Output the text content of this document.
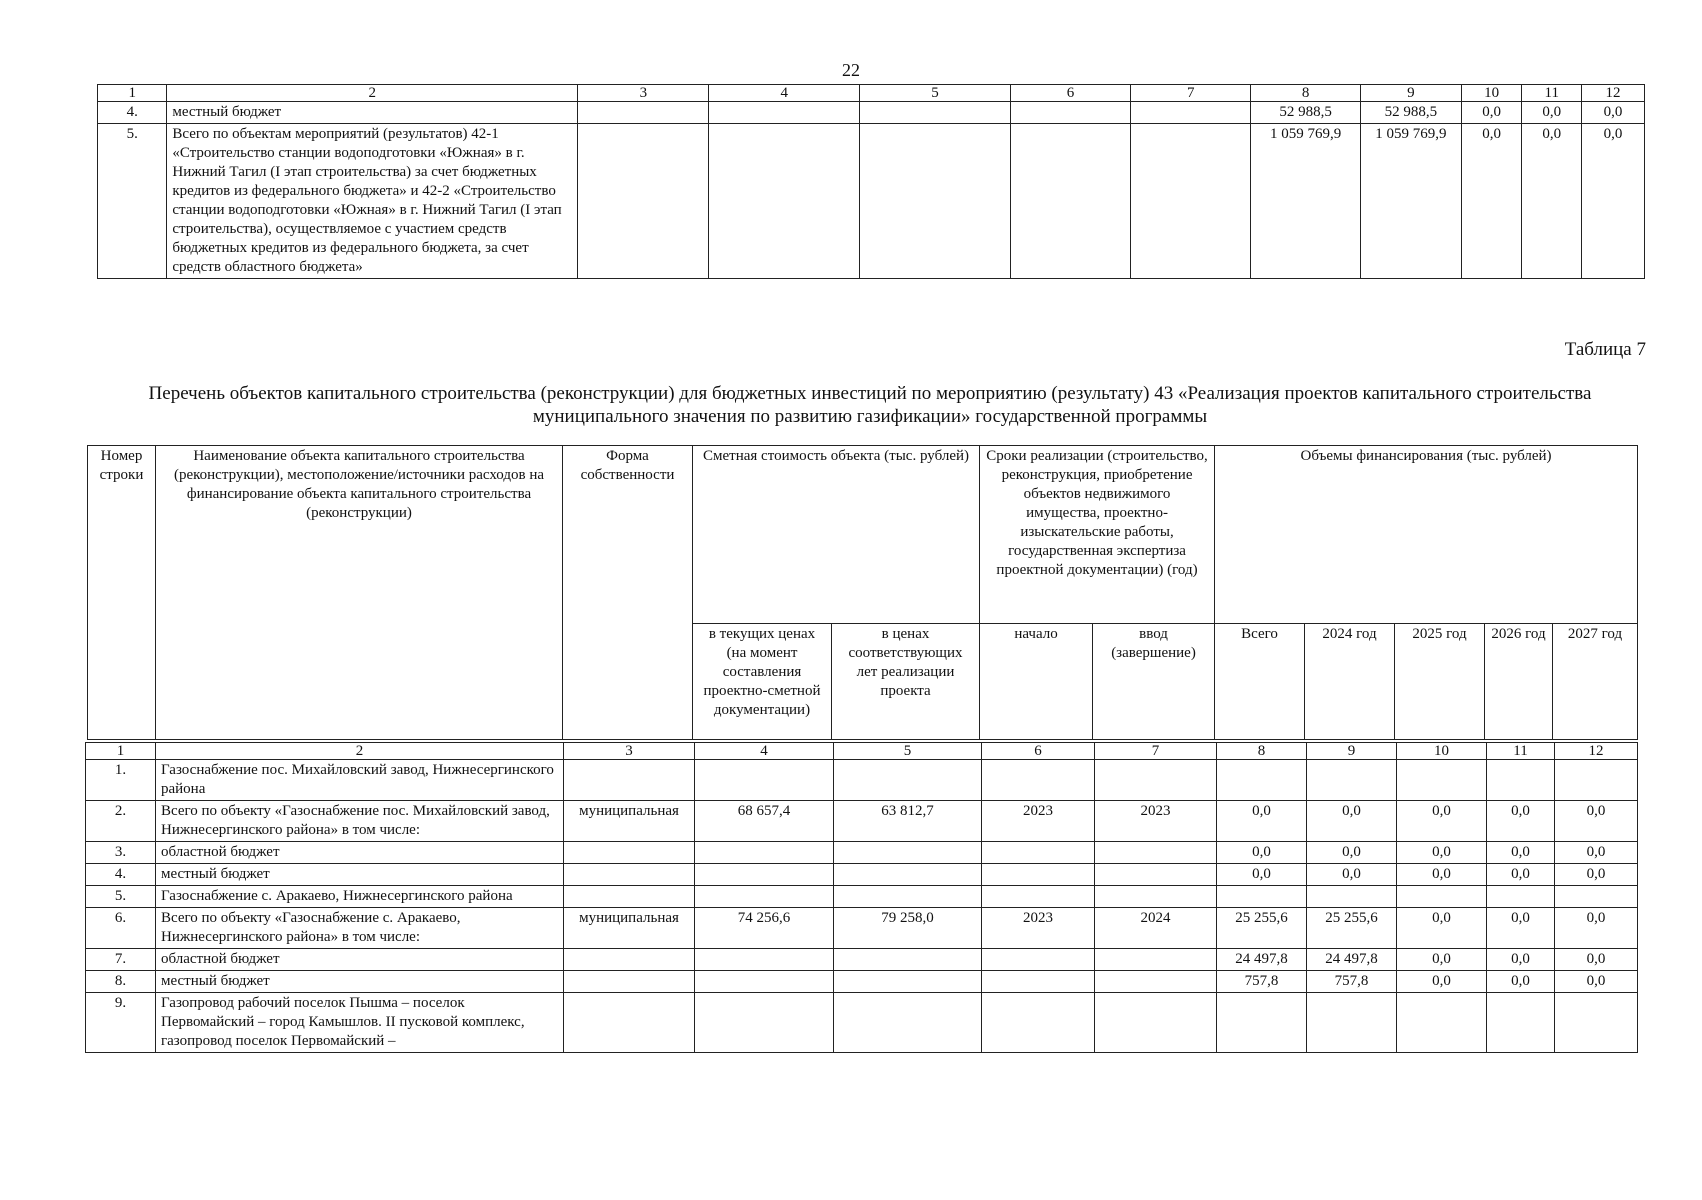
22
1	2	3	4	5	6	7	8	9	10	11	12
4.	местный бюджет						52 988,5	52 988,5	0,0	0,0	0,0
5.	Всего по объектам мероприятий (результатов) 42-1 «Строительство станции водоподготовки «Южная» в г. Нижний Тагил (I этап строительства) за счет бюджетных кредитов из федерального бюджета» и 42-2 «Строительство станции водоподготовки «Южная» в г. Нижний Тагил (I этап строительства), осуществляемое с участием средств бюджетных кредитов из федерального бюджета, за счет средств областного бюджета»						1 059 769,9	1 059 769,9	0,0	0,0	0,0
Таблица 7
Перечень объектов капитального строительства (реконструкции) для бюджетных инвестиций по мероприятию (результату) 43 «Реализация проектов капитального строительства муниципального значения по развитию газификации» государственной программы
Номер строки	Наименование объекта капитального строительства (реконструкции), местоположение/источники расходов на финансирование объекта капитального строительства (реконструкции)	Форма собственности	Сметная стоимость объекта (тыс. рублей)		Сроки реализации (строительство, реконструкция, приобретение объектов недвижимого имущества, проектно-изыскательские работы, государственная экспертиза проектной документации) (год)		Объемы финансирования (тыс. рублей)				
			в текущих ценах (на момент составления проектно-сметной документации)	в ценах соответствующих лет реализации проекта	начало	ввод (завершение)	Всего	2024 год	2025 год	2026 год	2027 год
1	2	3	4	5	6	7	8	9	10	11	12
1.	Газоснабжение пос. Михайловский завод, Нижнесергинского района										
2.	Всего по объекту «Газоснабжение пос. Михайловский завод, Нижнесергинского района» в том числе:	муниципальная	68 657,4	63 812,7	2023	2023	0,0	0,0	0,0	0,0	0,0
3.	областной бюджет						0,0	0,0	0,0	0,0	0,0
4.	местный бюджет						0,0	0,0	0,0	0,0	0,0
5.	Газоснабжение с. Аракаево, Нижнесергинского района										
6.	Всего по объекту «Газоснабжение с. Аракаево, Нижнесергинского района» в том числе:	муниципальная	74 256,6	79 258,0	2023	2024	25 255,6	25 255,6	0,0	0,0	0,0
7.	областной бюджет						24 497,8	24 497,8	0,0	0,0	0,0
8.	местный бюджет						757,8	757,8	0,0	0,0	0,0
9.	Газопровод рабочий поселок Пышма – поселок Первомайский – город Камышлов. II пусковой комплекс, газопровод поселок Первомайский –										
